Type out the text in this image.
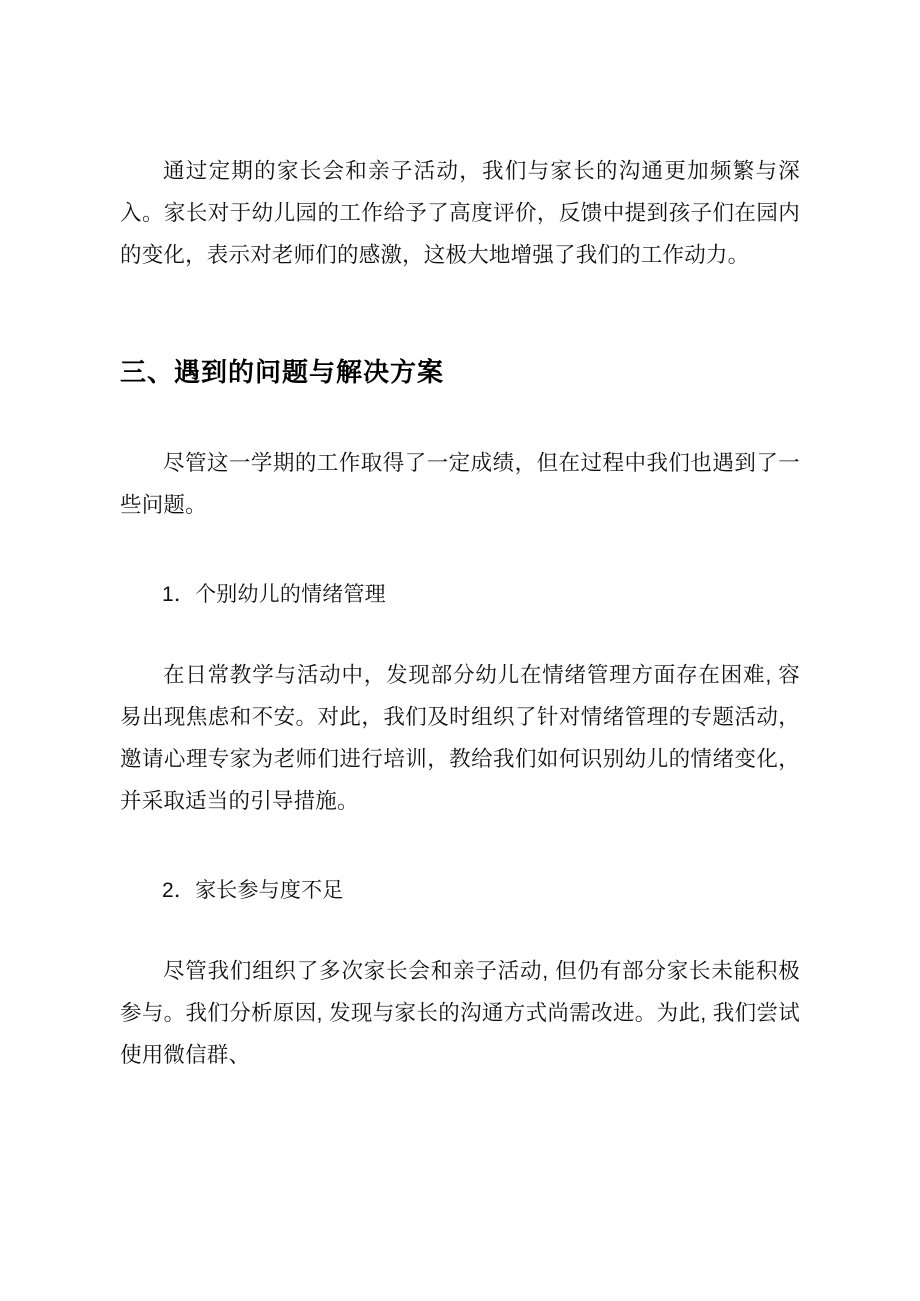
通过定期的家长会和亲子活动，我们与家长的沟通更加频繁与深入。家长对于幼儿园的工作给予了高度评价，反馈中提到孩子们在园内的变化，表示对老师们的感激，这极大地增强了我们的工作动力。

三、遇到的问题与解决方案

尽管这一学期的工作取得了一定成绩，但在过程中我们也遇到了一些问题。

1．个别幼儿的情绪管理

在日常教学与活动中，发现部分幼儿在情绪管理方面存在困难, 容易出现焦虑和不安。对此，我们及时组织了针对情绪管理的专题活动，邀请心理专家为老师们进行培训，教给我们如何识别幼儿的情绪变化，并采取适当的引导措施。

2．家长参与度不足

尽管我们组织了多次家长会和亲子活动, 但仍有部分家长未能积极参与。我们分析原因, 发现与家长的沟通方式尚需改进。为此, 我们尝试使用微信群、
